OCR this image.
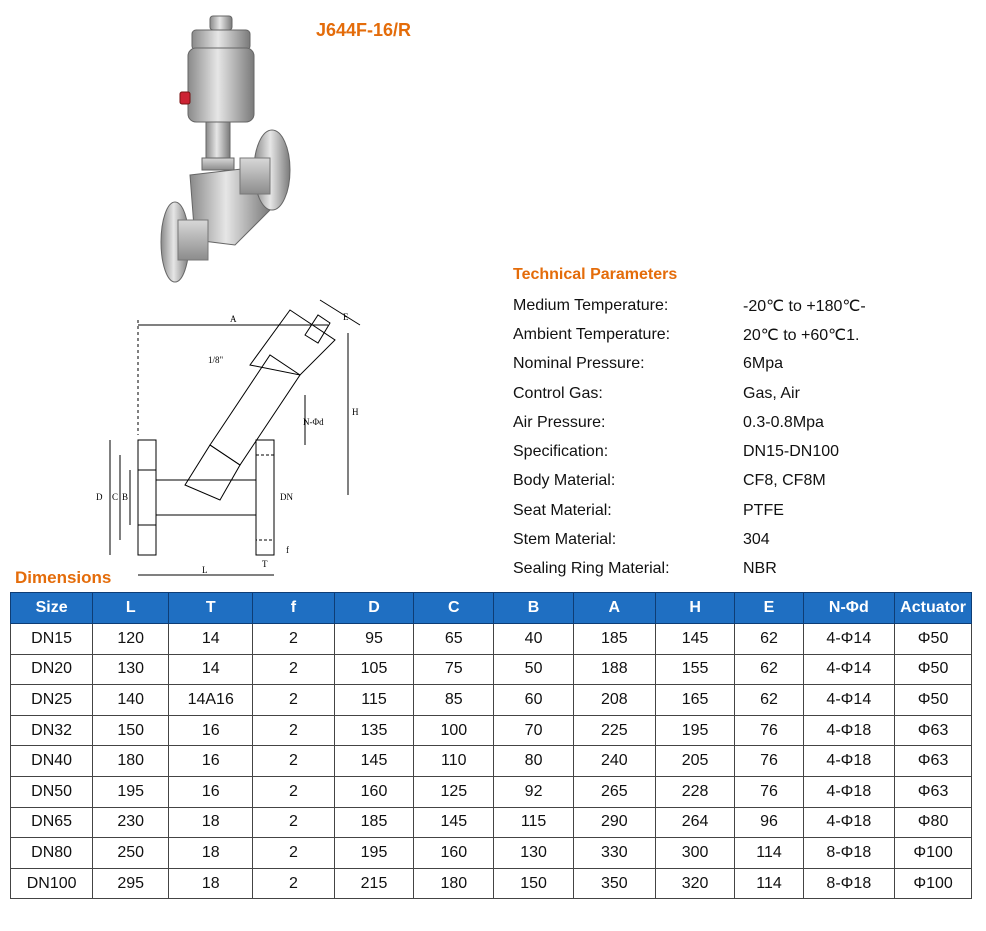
J644F-16/R
A	E
H
1/8"
N-Φd
D C B	DN
L
T
f
Technical Parameters
Medium Temperature:	-20℃ to +180℃-
Ambient Temperature:	20℃ to +60℃1.
Nominal Pressure:	6Mpa
Control Gas:	Gas, Air
Air Pressure:	0.3-0.8Mpa
Specification:	DN15-DN100
Body Material:	CF8, CF8M
Seat Material:	PTFE
Stem Material:	304
Sealing Ring Material:	NBR
Dimensions
Size	L	T	f	D	C	B	A	H	E	N-Φd	Actuator
DN15	120	14	2	95	65	40	185	145	62	4-Φ14	Φ50
DN20	130	14	2	105	75	50	188	155	62	4-Φ14	Φ50
DN25	140	14A16	2	115	85	60	208	165	62	4-Φ14	Φ50
DN32	150	16	2	135	100	70	225	195	76	4-Φ18	Φ63
DN40	180	16	2	145	110	80	240	205	76	4-Φ18	Φ63
DN50	195	16	2	160	125	92	265	228	76	4-Φ18	Φ63
DN65	230	18	2	185	145	115	290	264	96	4-Φ18	Φ80
DN80	250	18	2	195	160	130	330	300	114	8-Φ18	Φ100
DN100	295	18	2	215	180	150	350	320	114	8-Φ18	Φ100
